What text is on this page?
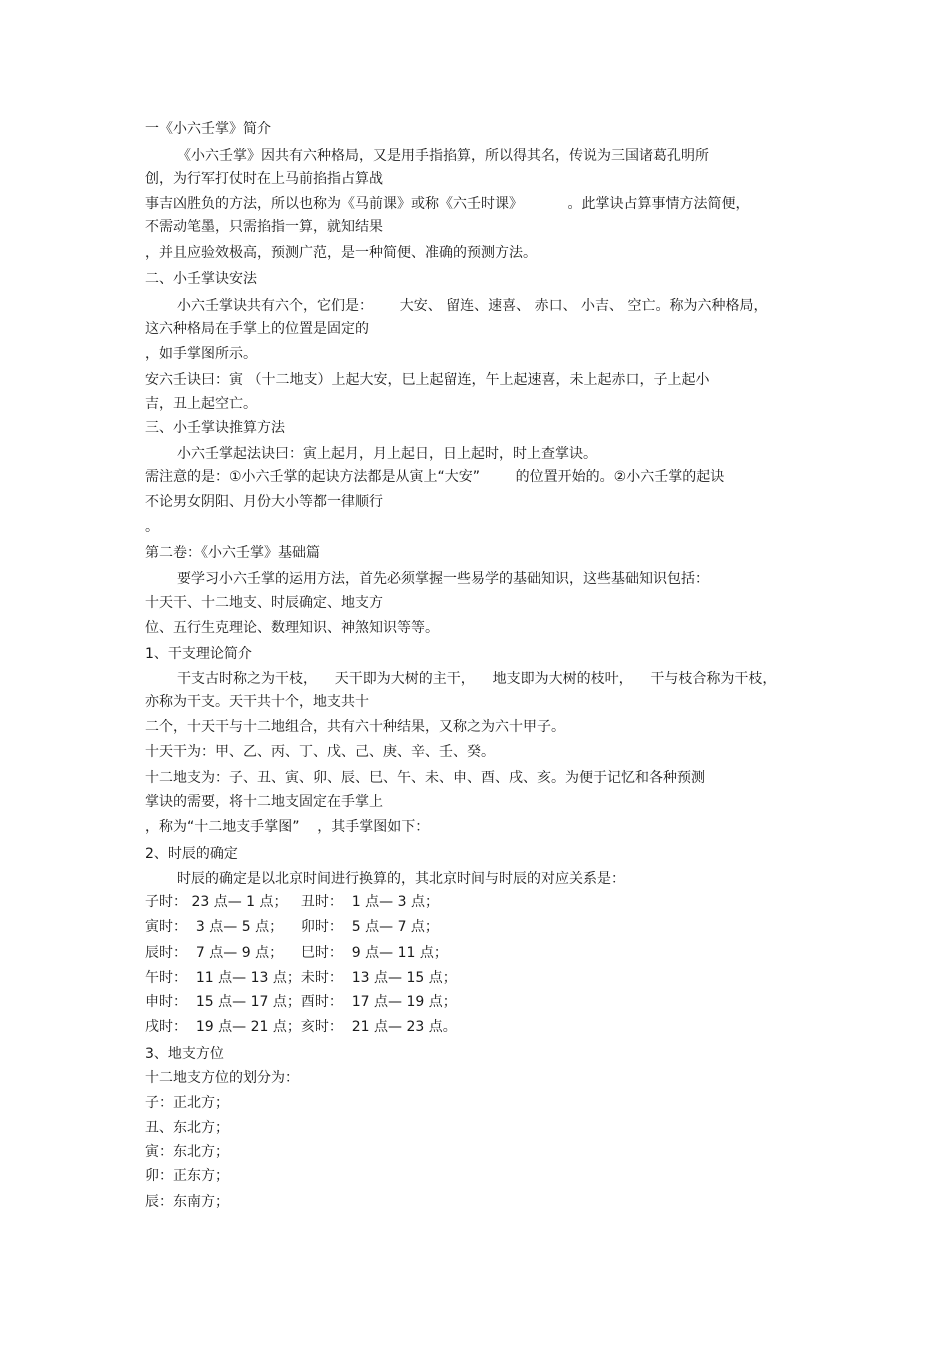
一《小六壬掌》简介
《小六壬掌》因共有六种格局，又是用手指掐算，所以得其名，传说为三国诸葛孔明所
创，为行军打仗时在上马前掐指占算战
事吉凶胜负的方法，所以也称为《马前课》或称《六壬时课》          。此掌诀占算事情方法简便，
不需动笔墨，只需掐指一算，就知结果
，并且应验效极高，预测广范，是一种简便、准确的预测方法。
二、小壬掌诀安法
小六壬掌诀共有六个，它们是：      大安、 留连、速喜、 赤口、 小吉、 空亡。称为六种格局，
这六种格局在手掌上的位置是固定的
，如手掌图所示。
安六壬诀曰：寅 （十二地支）上起大安，巳上起留连，午上起速喜，未上起赤口，子上起小
吉，丑上起空亡。
三、小壬掌诀推算方法
小六壬掌起法诀曰：寅上起月，月上起日，日上起时，时上查掌诀。
需注意的是：①小六壬掌的起诀方法都是从寅上“大安”        的位置开始的。②小六壬掌的起诀
不论男女阴阳、月份大小等都一律顺行
。
第二卷：《小六壬掌》基础篇
要学习小六壬掌的运用方法，首先必须掌握一些易学的基础知识，这些基础知识包括：
十天干、十二地支、时辰确定、地支方
位、五行生克理论、数理知识、神煞知识等等。
1、干支理论简介
干支古时称之为干枝，    天干即为大树的主干，    地支即为大树的枝叶，    干与枝合称为干枝，
亦称为干支。天干共十个，地支共十
二个，十天干与十二地组合，共有六十种结果，又称之为六十甲子。
十天干为：甲、乙、丙、丁、戊、己、庚、辛、壬、癸。
十二地支为：子、丑、寅、卯、辰、巳、午、未、申、酉、戌、亥。为便于记忆和各种预测
掌诀的需要，将十二地支固定在手掌上
，称为“十二地支手掌图”    ，其手掌图如下：
2、时辰的确定
时辰的确定是以北京时间进行换算的，其北京时间与时辰的对应关系是：
子时： 23 点— 1 点；   丑时：  1 点— 3 点；
寅时：  3 点— 5 点；    卯时：  5 点— 7 点；
辰时：  7 点— 9 点；    巳时：  9 点— 11 点；
午时：  11 点— 13 点；未时：  13 点— 15 点；
申时：  15 点— 17 点；酉时：  17 点— 19 点；
戌时：  19 点— 21 点；亥时：  21 点— 23 点。
3、地支方位
十二地支方位的划分为：
子：正北方；
丑、东北方；
寅：东北方；
卯：正东方；
辰：东南方；
